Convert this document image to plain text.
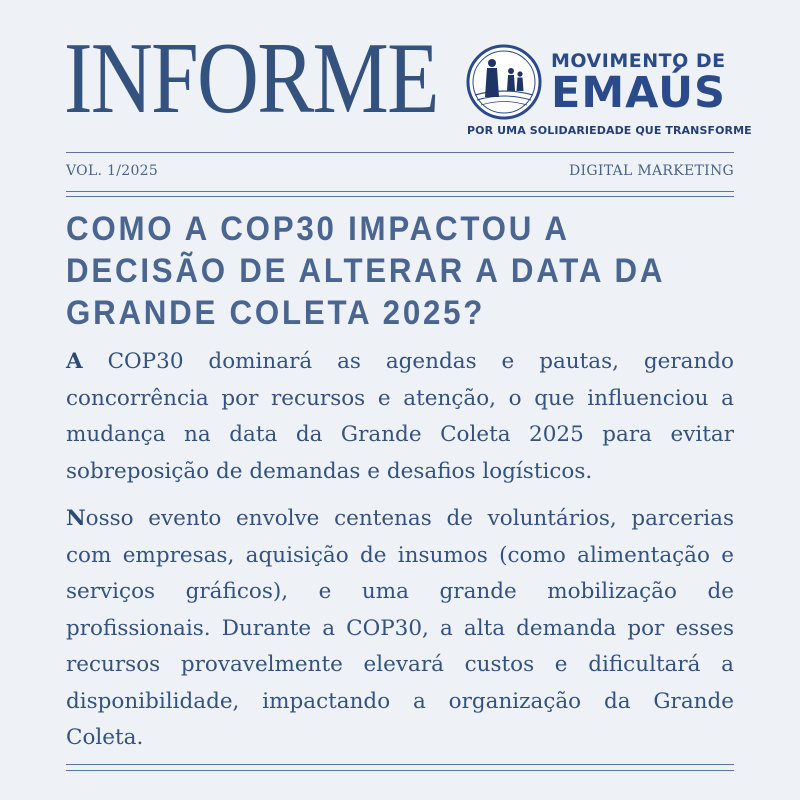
INFORME	MOVIMENTO DE
EMAÚS
POR UMA SOLIDARIEDADE QUE TRANSFORME
VOL. 1/2025	DIGITAL MARKETING
COMO A COP30 IMPACTOU A DECISÃO DE ALTERAR A DATA DA GRANDE COLETA 2025?

A COP30 dominará as agendas e pautas, gerando concorrência por recursos e atenção, o que influenciou a mudança na data da Grande Coleta 2025 para evitar sobreposição de demandas e desafios logísticos.

Nosso evento envolve centenas de voluntários, parcerias com empresas, aquisição de insumos (como alimentação e serviços gráficos), e uma grande mobilização de profissionais. Durante a COP30, a alta demanda por esses recursos provavelmente elevará custos e dificultará a disponibilidade, impactando a organização da Grande Coleta.
